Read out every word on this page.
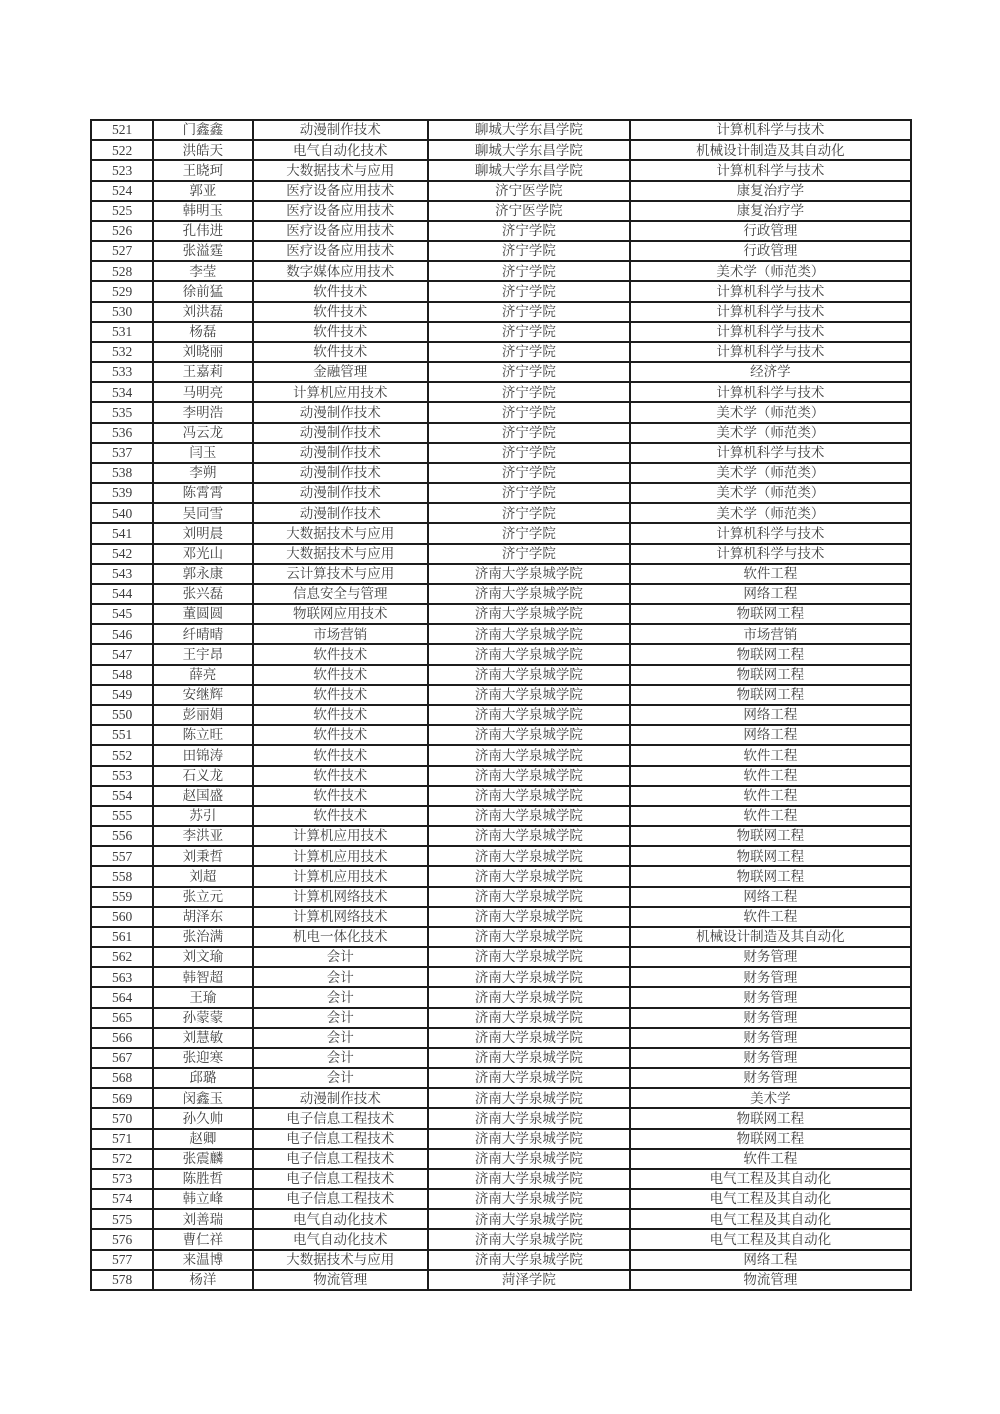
521	门鑫鑫	动漫制作技术	聊城大学东昌学院	计算机科学与技术
522	洪皓天	电气自动化技术	聊城大学东昌学院	机械设计制造及其自动化
523	王晓珂	大数据技术与应用	聊城大学东昌学院	计算机科学与技术
524	郭亚	医疗设备应用技术	济宁医学院	康复治疗学
525	韩明玉	医疗设备应用技术	济宁医学院	康复治疗学
526	孔伟进	医疗设备应用技术	济宁学院	行政管理
527	张溢霆	医疗设备应用技术	济宁学院	行政管理
528	李莹	数字媒体应用技术	济宁学院	美术学（师范类）
529	徐前猛	软件技术	济宁学院	计算机科学与技术
530	刘洪磊	软件技术	济宁学院	计算机科学与技术
531	杨磊	软件技术	济宁学院	计算机科学与技术
532	刘晓丽	软件技术	济宁学院	计算机科学与技术
533	王嘉莉	金融管理	济宁学院	经济学
534	马明亮	计算机应用技术	济宁学院	计算机科学与技术
535	李明浩	动漫制作技术	济宁学院	美术学（师范类）
536	冯云龙	动漫制作技术	济宁学院	美术学（师范类）
537	闫玉	动漫制作技术	济宁学院	计算机科学与技术
538	李朔	动漫制作技术	济宁学院	美术学（师范类）
539	陈霄霄	动漫制作技术	济宁学院	美术学（师范类）
540	吴同雪	动漫制作技术	济宁学院	美术学（师范类）
541	刘明晨	大数据技术与应用	济宁学院	计算机科学与技术
542	邓光山	大数据技术与应用	济宁学院	计算机科学与技术
543	郭永康	云计算技术与应用	济南大学泉城学院	软件工程
544	张兴磊	信息安全与管理	济南大学泉城学院	网络工程
545	董圆圆	物联网应用技术	济南大学泉城学院	物联网工程
546	纤晴晴	市场营销	济南大学泉城学院	市场营销
547	王宇昂	软件技术	济南大学泉城学院	物联网工程
548	薛亮	软件技术	济南大学泉城学院	物联网工程
549	安继辉	软件技术	济南大学泉城学院	物联网工程
550	彭丽娟	软件技术	济南大学泉城学院	网络工程
551	陈立旺	软件技术	济南大学泉城学院	网络工程
552	田锦涛	软件技术	济南大学泉城学院	软件工程
553	石义龙	软件技术	济南大学泉城学院	软件工程
554	赵国盛	软件技术	济南大学泉城学院	软件工程
555	苏引	软件技术	济南大学泉城学院	软件工程
556	李洪亚	计算机应用技术	济南大学泉城学院	物联网工程
557	刘秉哲	计算机应用技术	济南大学泉城学院	物联网工程
558	刘超	计算机应用技术	济南大学泉城学院	物联网工程
559	张立元	计算机网络技术	济南大学泉城学院	网络工程
560	胡泽东	计算机网络技术	济南大学泉城学院	软件工程
561	张治满	机电一体化技术	济南大学泉城学院	机械设计制造及其自动化
562	刘文瑜	会计	济南大学泉城学院	财务管理
563	韩智超	会计	济南大学泉城学院	财务管理
564	王瑜	会计	济南大学泉城学院	财务管理
565	孙蒙蒙	会计	济南大学泉城学院	财务管理
566	刘慧敏	会计	济南大学泉城学院	财务管理
567	张迎寒	会计	济南大学泉城学院	财务管理
568	邱璐	会计	济南大学泉城学院	财务管理
569	闵鑫玉	动漫制作技术	济南大学泉城学院	美术学
570	孙久帅	电子信息工程技术	济南大学泉城学院	物联网工程
571	赵卿	电子信息工程技术	济南大学泉城学院	物联网工程
572	张震麟	电子信息工程技术	济南大学泉城学院	软件工程
573	陈胜哲	电子信息工程技术	济南大学泉城学院	电气工程及其自动化
574	韩立峰	电子信息工程技术	济南大学泉城学院	电气工程及其自动化
575	刘善瑞	电气自动化技术	济南大学泉城学院	电气工程及其自动化
576	曹仁祥	电气自动化技术	济南大学泉城学院	电气工程及其自动化
577	来温博	大数据技术与应用	济南大学泉城学院	网络工程
578	杨洋	物流管理	菏泽学院	物流管理
